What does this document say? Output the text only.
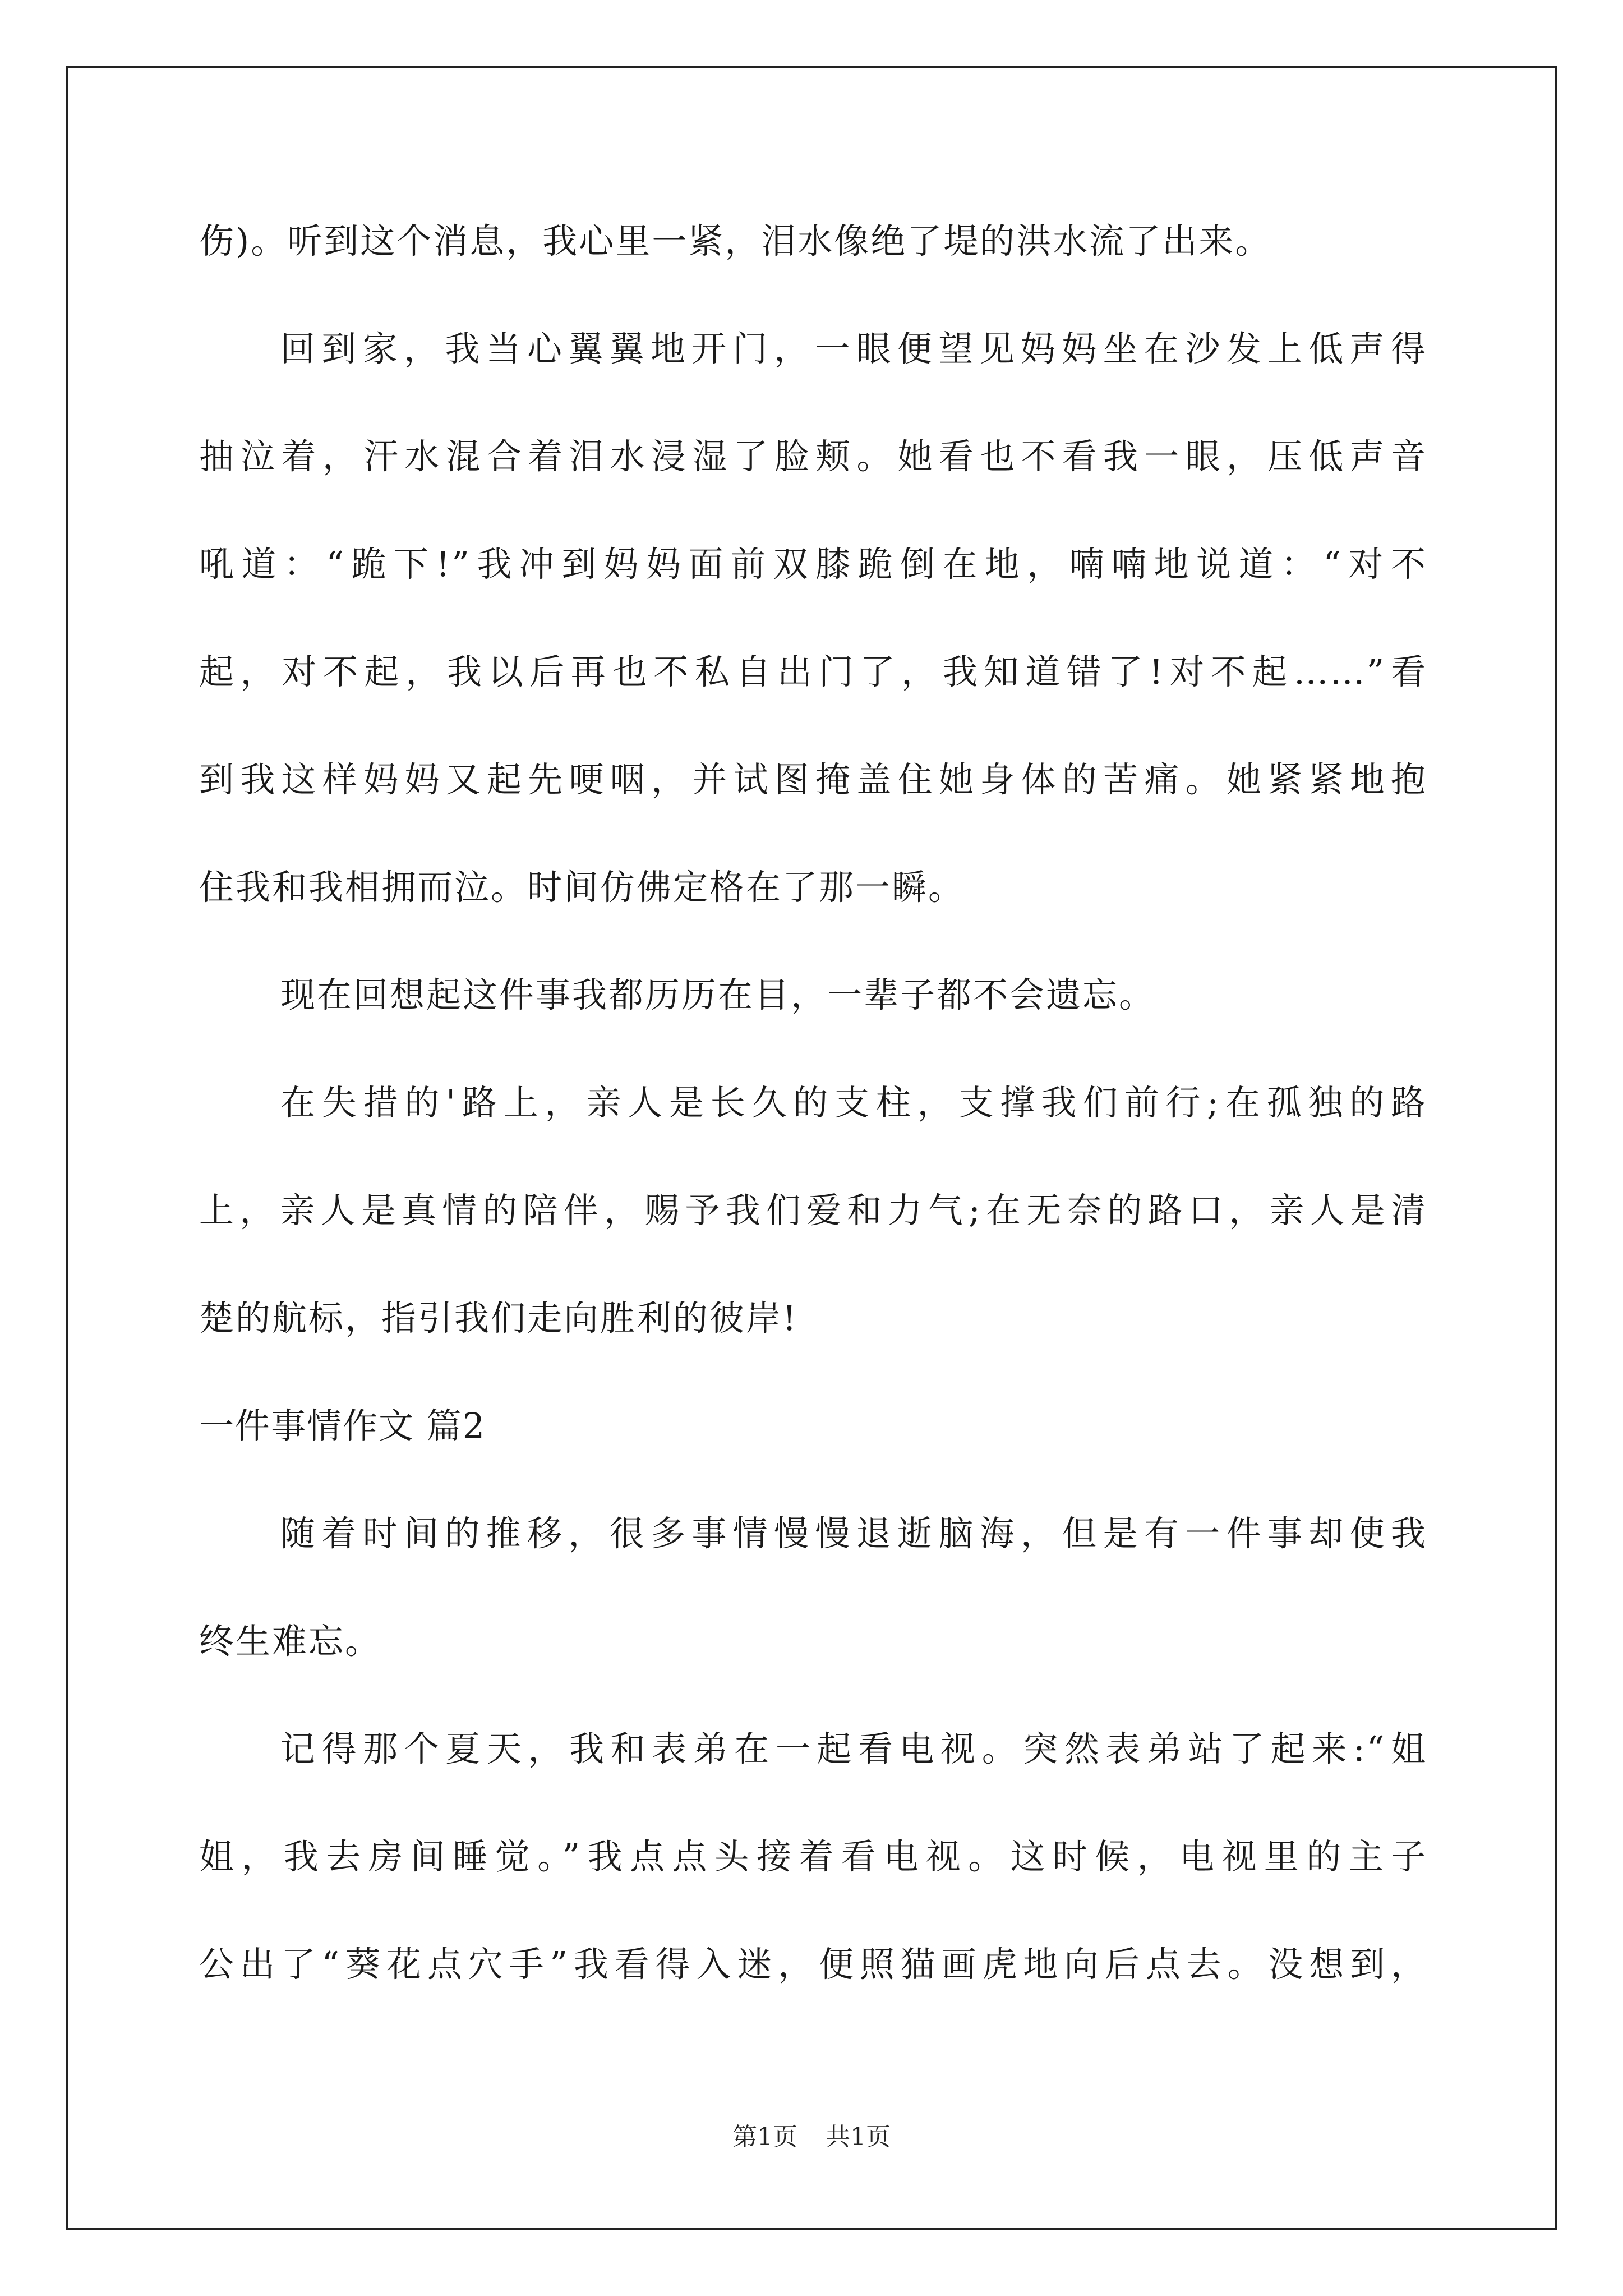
伤)。听到这个消息，我心里一紧，泪水像绝了堤的洪水流了出来。
回到家，我当心翼翼地开门，一眼便望见妈妈坐在沙发上低声得
抽泣着，汗水混合着泪水浸湿了脸颊。她看也不看我一眼，压低声音
吼道：“跪下!”我冲到妈妈面前双膝跪倒在地，喃喃地说道：“对不
起，对不起，我以后再也不私自出门了，我知道错了!对不起……”看
到我这样妈妈又起先哽咽，并试图掩盖住她身体的苦痛。她紧紧地抱
住我和我相拥而泣。时间仿佛定格在了那一瞬。
现在回想起这件事我都历历在目，一辈子都不会遗忘。
在失措的'路上，亲人是长久的支柱，支撑我们前行;在孤独的路
上，亲人是真情的陪伴，赐予我们爱和力气;在无奈的路口，亲人是清
楚的航标，指引我们走向胜利的彼岸!
一件事情作文 篇2
随着时间的推移，很多事情慢慢退逝脑海，但是有一件事却使我
终生难忘。
记得那个夏天，我和表弟在一起看电视。突然表弟站了起来:“姐
姐，我去房间睡觉。”我点点头接着看电视。这时候，电视里的主子
公出了“葵花点穴手”我看得入迷，便照猫画虎地向后点去。没想到，
第1页 共1页
